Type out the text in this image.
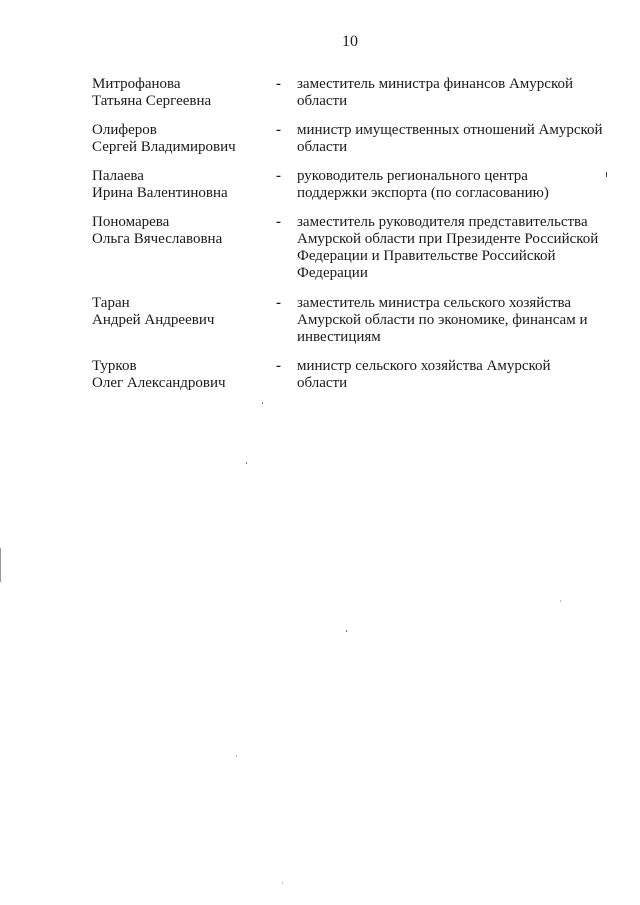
10
Митрофанова
Татьяна Сергеевна
- заместитель министра финансов Амурской
области
Олиферов
Сергей Владимирович
- министр имущественных отношений Амурской
области
Палаева
Ирина Валентиновна
- руководитель регионального центра
поддержки экспорта (по согласованию)
Пономарева
Ольга Вячеславовна
- заместитель руководителя представительства
Амурской области при Президенте Российской
Федерации и Правительстве Российской
Федерации
Таран
Андрей Андреевич
- заместитель министра сельского хозяйства
Амурской области по экономике, финансам и
инвестициям
Турков
Олег Александрович
- министр сельского хозяйства Амурской
области
